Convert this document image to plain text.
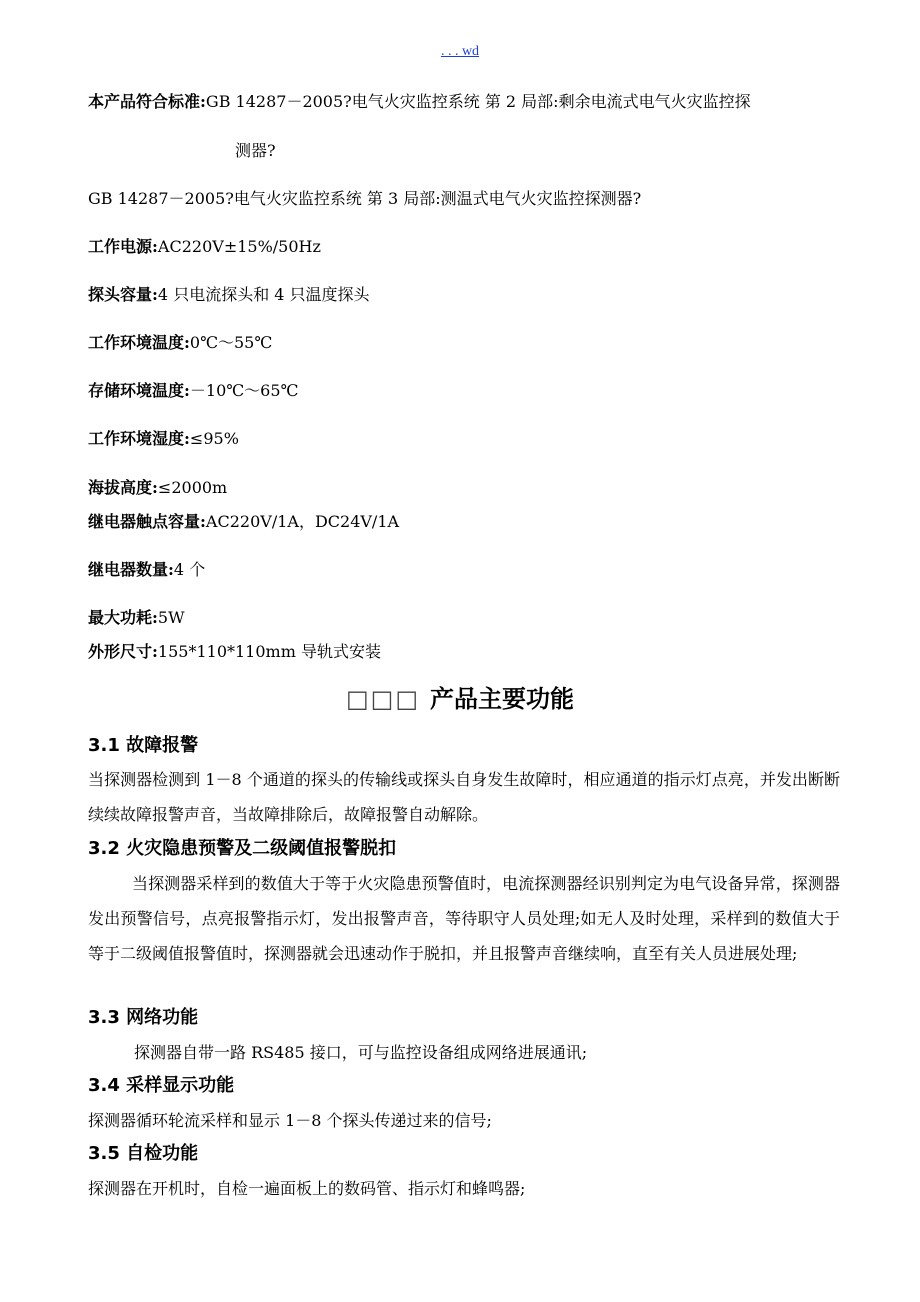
. . . wd
本产品符合标准:GB 14287－2005?电气火灾监控系统 第 2 局部:剩余电流式电气火灾监控探
测器?
GB 14287－2005?电气火灾监控系统 第 3 局部:测温式电气火灾监控探测器?
工作电源:AC220V±15%/50Hz
探头容量:4 只电流探头和 4 只温度探头
工作环境温度:0℃～55℃
存储环境温度:－10℃～65℃
工作环境湿度:≤95%
海拔高度:≤2000m
继电器触点容量:AC220V/1A，DC24V/1A
继电器数量:4 个
最大功耗:5W
外形尺寸:155*110*110mm 导轨式安装
□□□ 产品主要功能
3.1 故障报警

当探测器检测到 1－8 个通道的探头的传输线或探头自身发生故障时，相应通道的指示灯点亮，并发出断断续续故障报警声音，当故障排除后，故障报警自动解除。

3.2 火灾隐患预警及二级阈值报警脱扣

当探测器采样到的数值大于等于火灾隐患预警值时，电流探测器经识别判定为电气设备异常，探测器发出预警信号，点亮报警指示灯，发出报警声音，等待职守人员处理;如无人及时处理，采样到的数值大于等于二级阈值报警值时，探测器就会迅速动作于脱扣，并且报警声音继续响，直至有关人员进展处理;

3.3 网络功能

探测器自带一路 RS485 接口，可与监控设备组成网络进展通讯;

3.4 采样显示功能

探测器循环轮流采样和显示 1－8 个探头传递过来的信号;

3.5 自检功能

探测器在开机时，自检一遍面板上的数码管、指示灯和蜂鸣器;
